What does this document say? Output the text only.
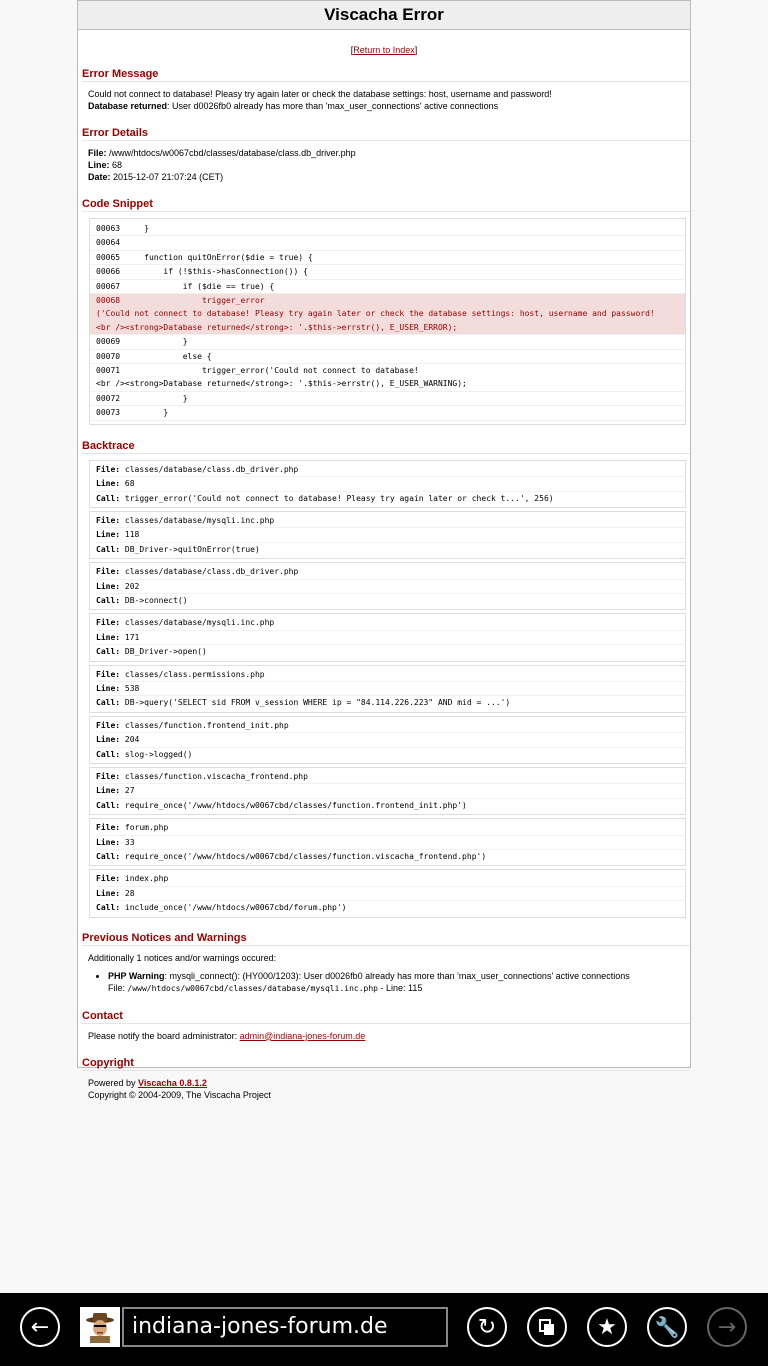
Viscacha Error
[Return to Index]
Error Message
Could not connect to database! Pleasy try again later or check the database settings: host, username and password!
Database returned: User d0026fb0 already has more than 'max_user_connections' active connections
Error Details
File: /www/htdocs/w0067cbd/classes/database/class.db_driver.php
Line: 68
Date: 2015-12-07 21:07:24 (CET)
Code Snippet
00063     }
00064
00065     function quitOnError($die = true) {
00066         if (!$this->hasConnection()) {
00067             if ($die == true) {
00068                 trigger_error
('Could not connect to database! Pleasy try again later or check the database settings: host, username and password!
<br /><strong>Database returned</strong>: '.$this->errstr(), E_USER_ERROR);
00069             }
00070             else {
00071                 trigger_error('Could not connect to database!
<br /><strong>Database returned</strong>: '.$this->errstr(), E_USER_WARNING);
00072             }
00073         }
Backtrace
File: classes/database/class.db_driver.php
Line: 68
Call: trigger_error('Could not connect to database! Pleasy try again later or check t...', 256)
File: classes/database/mysqli.inc.php
Line: 118
Call: DB_Driver->quitOnError(true)
File: classes/database/class.db_driver.php
Line: 202
Call: DB->connect()
File: classes/database/mysqli.inc.php
Line: 171
Call: DB_Driver->open()
File: classes/class.permissions.php
Line: 538
Call: DB->query('SELECT sid FROM v_session WHERE ip = "84.114.226.223" AND mid = ...')
File: classes/function.frontend_init.php
Line: 204
Call: slog->logged()
File: classes/function.viscacha_frontend.php
Line: 27
Call: require_once('/www/htdocs/w0067cbd/classes/function.frontend_init.php')
File: forum.php
Line: 33
Call: require_once('/www/htdocs/w0067cbd/classes/function.viscacha_frontend.php')
File: index.php
Line: 28
Call: include_once('/www/htdocs/w0067cbd/forum.php')
Previous Notices and Warnings
Additionally 1 notices and/or warnings occured:
• PHP Warning: mysqli_connect(): (HY000/1203): User d0026fb0 already has more than 'max_user_connections' active connections
File: /www/htdocs/w0067cbd/classes/database/mysqli.inc.php - Line: 115
Contact
Please notify the board administrator: admin@indiana-jones-forum.de
Copyright
Powered by Viscacha 0.8.1.2
Copyright © 2004-2009, The Viscacha Project
←	indiana-jones-forum.de	↻	★ 🔧 →
